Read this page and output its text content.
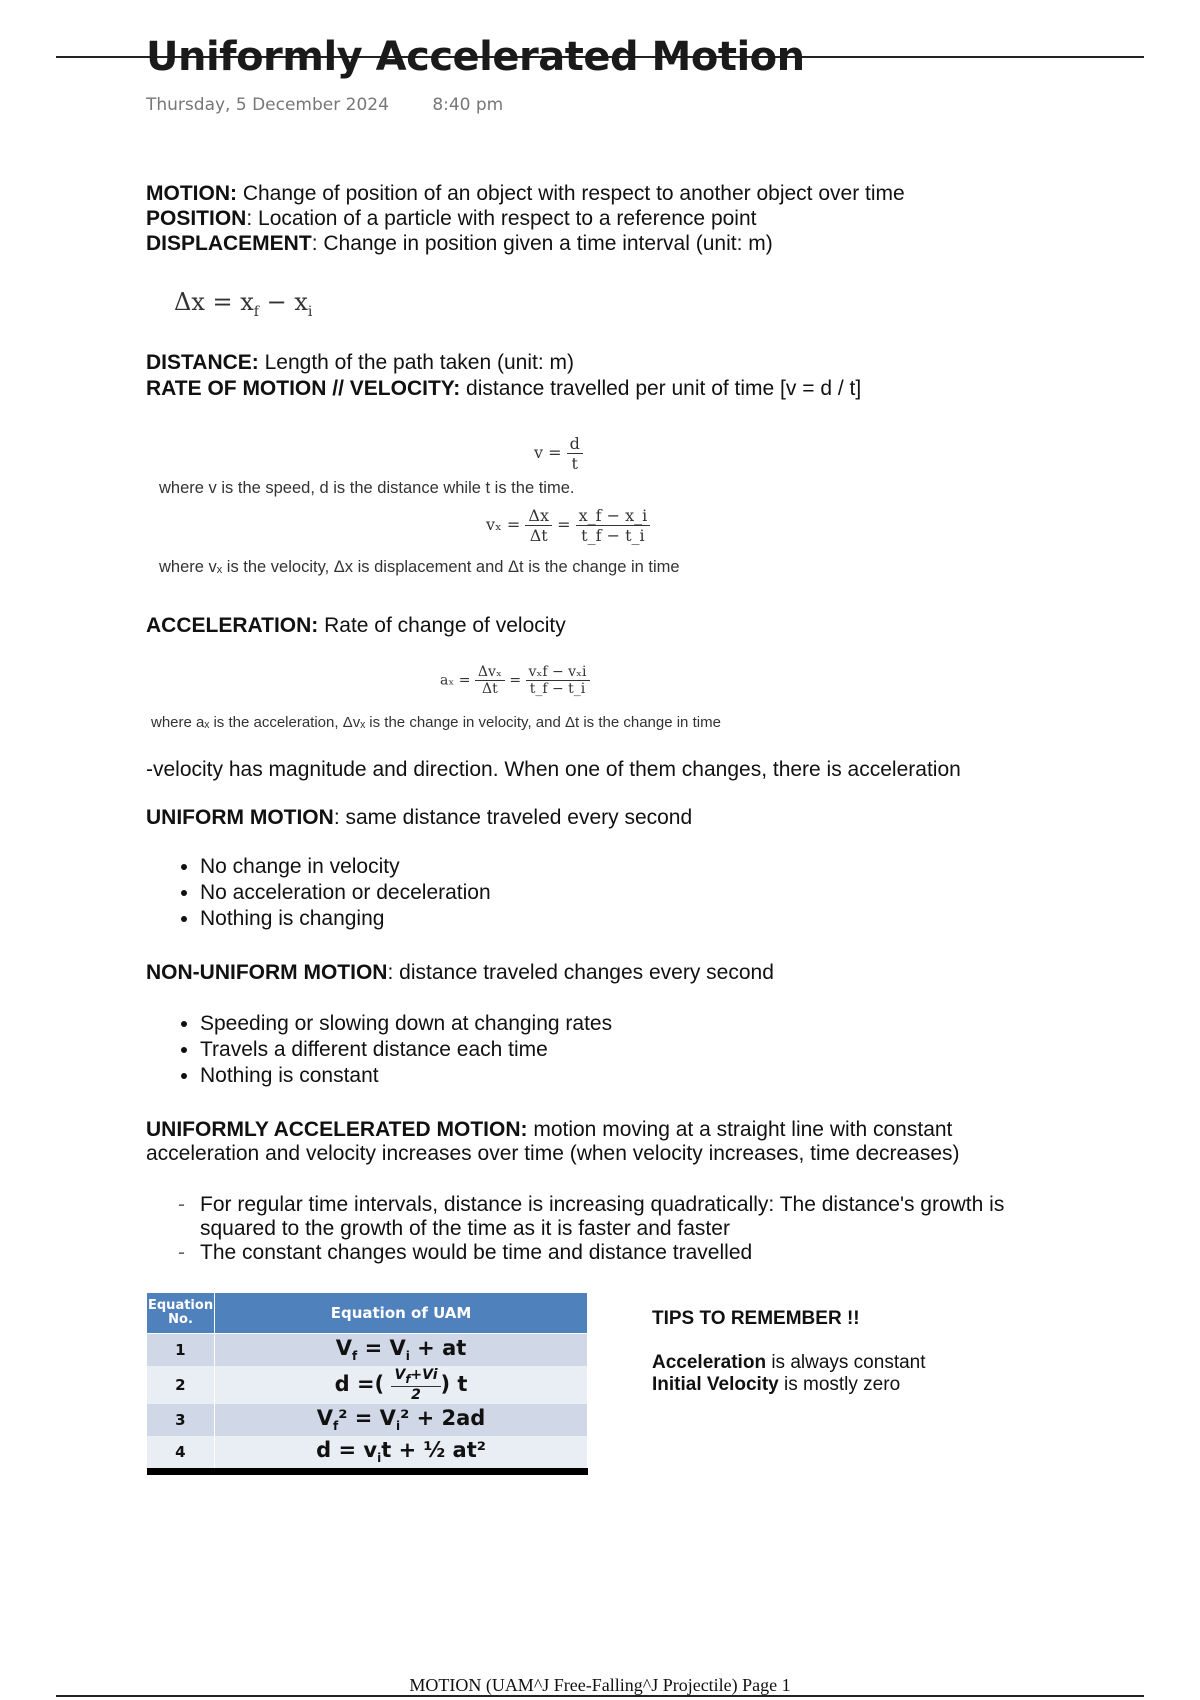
Uniformly Accelerated Motion
Thursday, 5 December 2024	8:40 pm
MOTION: Change of position of an object with respect to another object over time
POSITION: Location of a particle with respect to a reference point
DISPLACEMENT: Change in position given a time interval (unit: m)
$\Delta x = x_f - x_i$
DISTANCE: Length of the path taken (unit: m)
RATE OF MOTION // VELOCITY: distance travelled per unit of time [v = d / t]
$v = \frac{d}{t}$
where v is the speed, d is the distance while t is the time.
$v_x = \frac{\Delta x}{\Delta t} = \frac{x\_f - x\_i}{t\_f - t\_i}$
where vₓ is the velocity, Δx is displacement and Δt is the change in time
ACCELERATION: Rate of change of velocity
$a_x = \frac{\text{Δvₓ}}{\Delta t} = \frac{\text{vₓf − vₓi}}{t\_f - t\_i}$
where aₓ is the acceleration, Δvₓ is the change in velocity, and Δt is the change in time
-velocity has magnitude and direction. When one of them changes, there is acceleration
UNIFORM MOTION: same distance traveled every second
• No change in velocity
• No acceleration or deceleration
• Nothing is changing
NON-UNIFORM MOTION: distance traveled changes every second
• Speeding or slowing down at changing rates
• Travels a different distance each time
• Nothing is constant
UNIFORMLY ACCELERATED MOTION: motion moving at a straight line with constant acceleration and velocity increases over time (when velocity increases, time decreases)
- For regular time intervals, distance is increasing quadratically: The distance's growth is squared to the growth of the time as it is faster and faster
- The constant changes would be time and distance travelled
Equation No.	Equation of UAM
1	$V_f = V_i$ + at
2	d =( $\frac{V_f+Vi}{2}$ ) t
3	$V_f^2 = V_i^2 + 2ad$
4	$d = v_it$ + ½ at²
TIPS TO REMEMBER !!
Acceleration is always constant
Initial Velocity is mostly zero
MOTION (UAM^J Free-Falling^J Projectile) Page 1
